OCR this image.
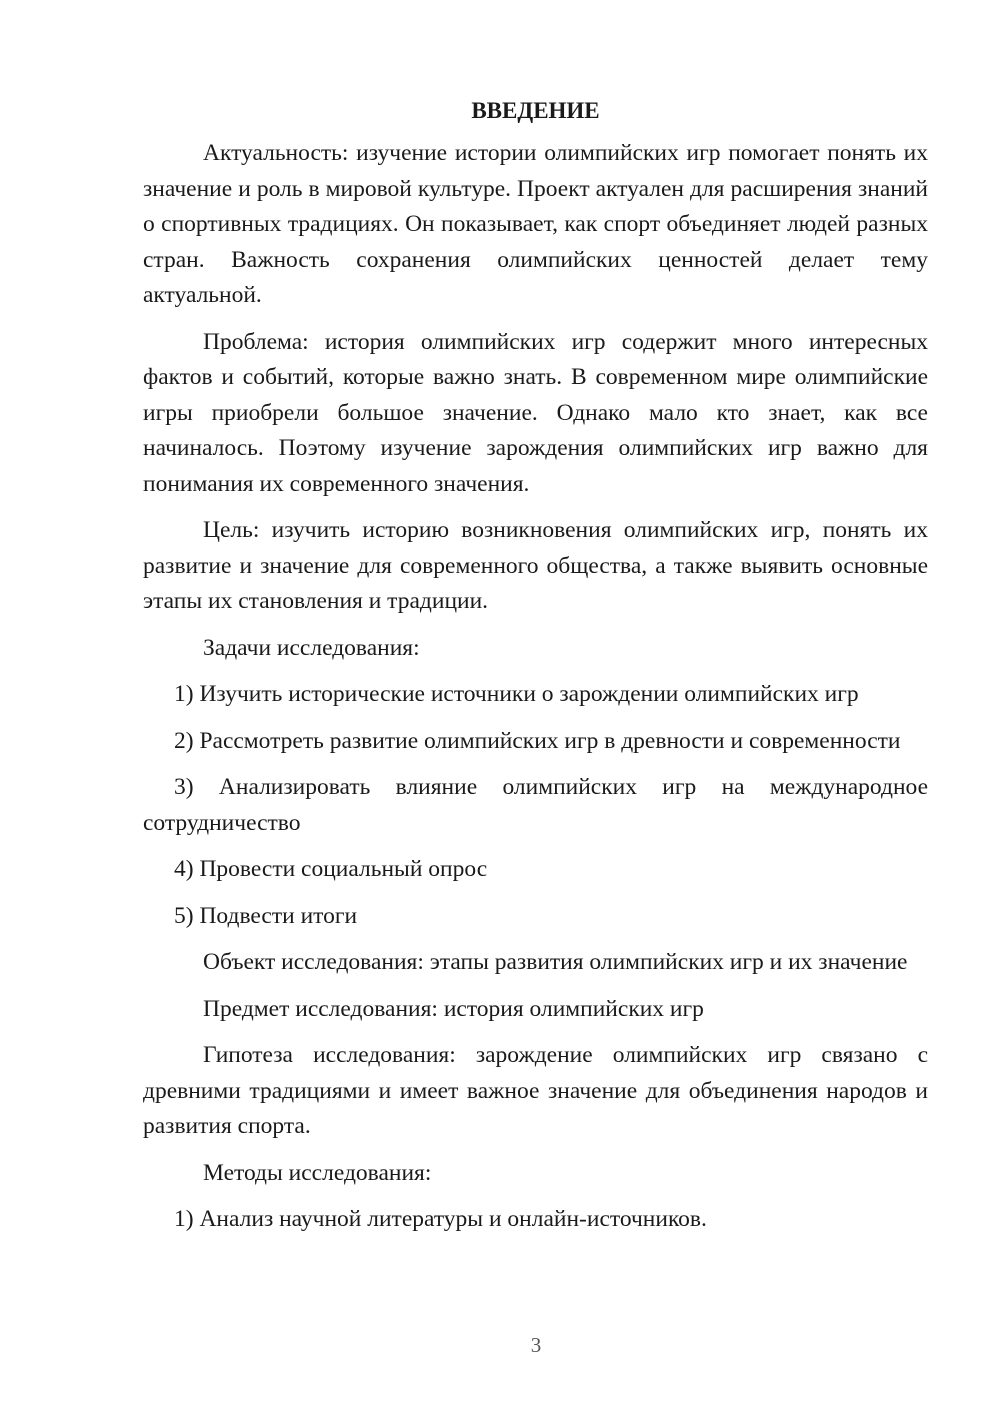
ВВЕДЕНИЕ
Актуальность: изучение истории олимпийских игр помогает понять их значение и роль в мировой культуре. Проект актуален для расширения знаний о спортивных традициях. Он показывает, как спорт объединяет людей разных стран. Важность сохранения олимпийских ценностей делает тему актуальной.
Проблема: история олимпийских игр содержит много интересных фактов и событий, которые важно знать. В современном мире олимпийские игры приобрели большое значение. Однако мало кто знает, как все начиналось. Поэтому изучение зарождения олимпийских игр важно для понимания их современного значения.
Цель: изучить историю возникновения олимпийских игр, понять их развитие и значение для современного общества, а также выявить основные этапы их становления и традиции.
Задачи исследования:
1) Изучить исторические источники о зарождении олимпийских игр
2) Рассмотреть развитие олимпийских игр в древности и современности
3) Анализировать влияние олимпийских игр на международное сотрудничество
4) Провести социальный опрос
5) Подвести итоги
Объект исследования: этапы развития олимпийских игр и их значение
Предмет исследования: история олимпийских игр
Гипотеза исследования: зарождение олимпийских игр связано с древними традициями и имеет важное значение для объединения народов и развития спорта.
Методы исследования:
1) Анализ научной литературы и онлайн-источников.
3
